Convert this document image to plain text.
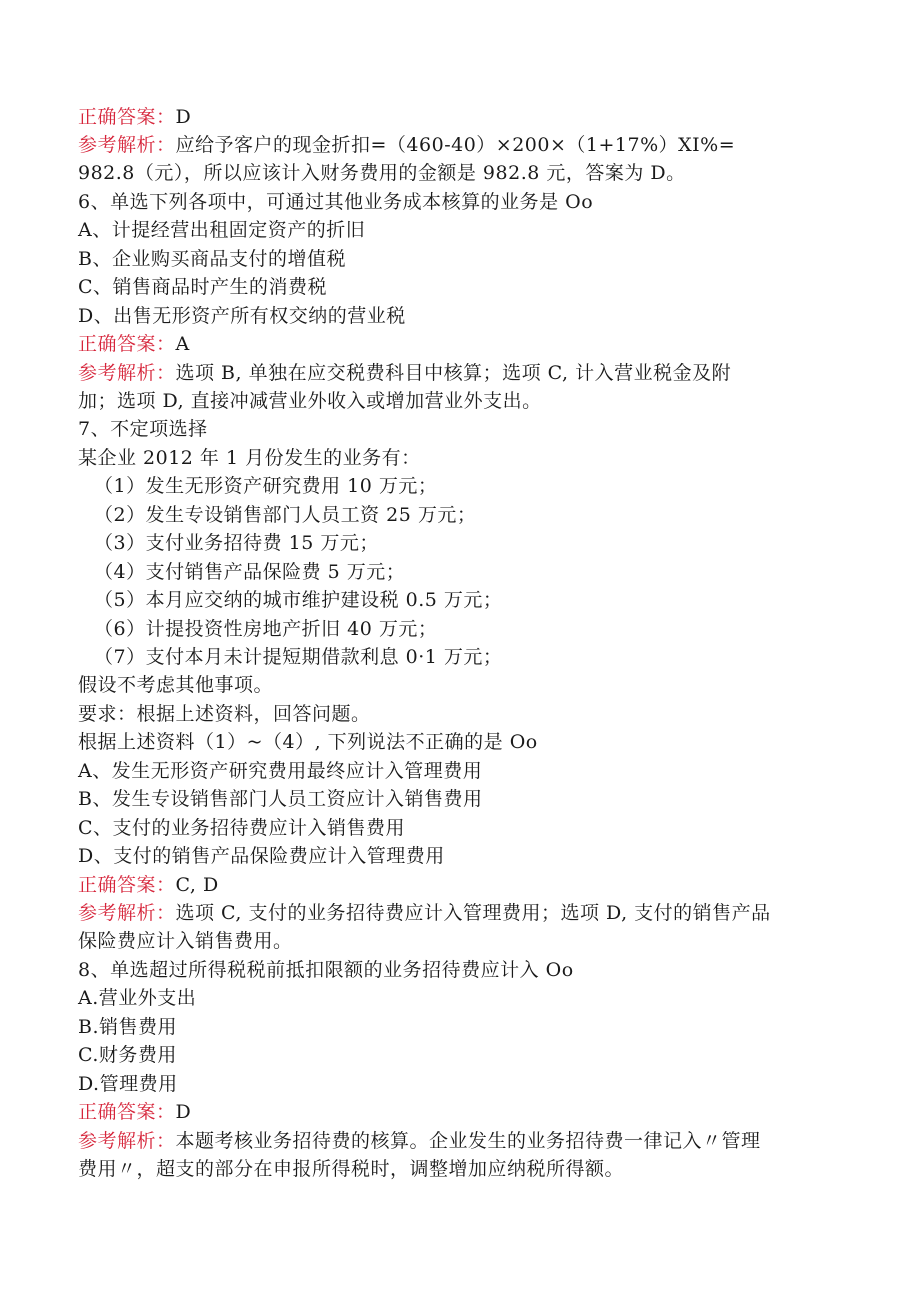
正确答案：D
参考解析：应给予客户的现金折扣=（460-40）×200×（1+17%）XI%=
982.8（元），所以应该计入财务费用的金额是 982.8 元，答案为 D。
6、单选下列各项中，可通过其他业务成本核算的业务是 Oo
A、计提经营出租固定资产的折旧
B、企业购买商品支付的增值税
C、销售商品时产生的消费税
D、出售无形资产所有权交纳的营业税
正确答案：A
参考解析：选项 B, 单独在应交税费科目中核算；选项 C, 计入营业税金及附
加；选项 D, 直接冲减营业外收入或增加营业外支出。
7、不定项选择
某企业 2012 年 1 月份发生的业务有：
（1）发生无形资产研究费用 10 万元；
（2）发生专设销售部门人员工资 25 万元；
（3）支付业务招待费 15 万元；
（4）支付销售产品保险费 5 万元；
（5）本月应交纳的城市维护建设税 0.5 万元；
（6）计提投资性房地产折旧 40 万元；
（7）支付本月未计提短期借款利息 0·1 万元；
假设不考虑其他事项。
要求：根据上述资料，回答问题。
根据上述资料（1）~（4）, 下列说法不正确的是 Oo
A、发生无形资产研究费用最终应计入管理费用
B、发生专设销售部门人员工资应计入销售费用
C、支付的业务招待费应计入销售费用
D、支付的销售产品保险费应计入管理费用
正确答案：C, D
参考解析：选项 C, 支付的业务招待费应计入管理费用；选项 D, 支付的销售产品
保险费应计入销售费用。
8、单选超过所得税税前抵扣限额的业务招待费应计入 Oo
A.营业外支出
B.销售费用
C.财务费用
D.管理费用
正确答案：D
参考解析：本题考核业务招待费的核算。企业发生的业务招待费一律记入〃管理
费用〃，超支的部分在申报所得税时，调整增加应纳税所得额。
